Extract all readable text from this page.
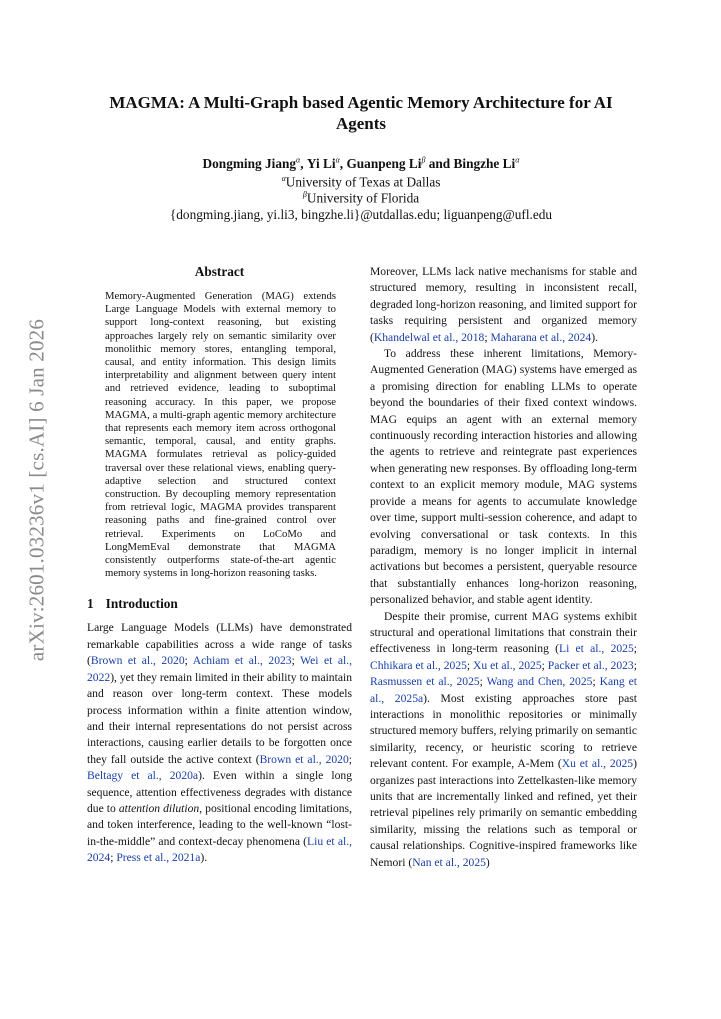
arXiv:2601.03236v1 [cs.AI] 6 Jan 2026
MAGMA: A Multi-Graph based Agentic Memory Architecture for AI Agents
Dongming Jiang$^\alpha$, Yi $Li^\alpha$, Guanpeng $Li^\beta$ and Bingzhe $Li^\alpha$
$^\alpha$University of Texas at Dallas
$^\beta$University of Florida
{dongming.jiang, yi.li3, bingzhe.li}@utdallas.edu; liguanpeng@ufl.edu
Abstract
Memory-Augmented Generation (MAG) extends Large Language Models with external memory to support long-context reasoning, but existing approaches largely rely on semantic similarity over monolithic memory stores, entangling temporal, causal, and entity information. This design limits interpretability and alignment between query intent and retrieved evidence, leading to suboptimal reasoning accuracy. In this paper, we propose MAGMA, a multi-graph agentic memory architecture that represents each memory item across orthogonal semantic, temporal, causal, and entity graphs. MAGMA formulates retrieval as policy-guided traversal over these relational views, enabling query-adaptive selection and structured context construction. By decoupling memory representation from retrieval logic, MAGMA provides transparent reasoning paths and fine-grained control over retrieval. Experiments on LoCoMo and LongMemEval demonstrate that MAGMA consistently outperforms state-of-the-art agentic memory systems in long-horizon reasoning tasks.
1 Introduction

Large Language Models (LLMs) have demonstrated remarkable capabilities across a wide range of tasks (Brown et al., 2020; Achiam et al., 2023; Wei et al., 2022), yet they remain limited in their ability to maintain and reason over long-term context. These models process information within a finite attention window, and their internal representations do not persist across interactions, causing earlier details to be forgotten once they fall outside the active context (Brown et al., 2020; Beltagy et al., 2020a). Even within a single long sequence, attention effectiveness degrades with distance due to attention dilution, positional encoding limitations, and token interference, leading to the well-known “lost-in-the-middle” and context-decay phenomena (Liu et al., 2024; Press et al., 2021a).

Moreover, LLMs lack native mechanisms for stable and structured memory, resulting in inconsistent recall, degraded long-horizon reasoning, and limited support for tasks requiring persistent and organized memory (Khandelwal et al., 2018; Maharana et al., 2024).

To address these inherent limitations, Memory-Augmented Generation (MAG) systems have emerged as a promising direction for enabling LLMs to operate beyond the boundaries of their fixed context windows. MAG equips an agent with an external memory continuously recording interaction histories and allowing the agents to retrieve and reintegrate past experiences when generating new responses. By offloading long-term context to an explicit memory module, MAG systems provide a means for agents to accumulate knowledge over time, support multi-session coherence, and adapt to evolving conversational or task contexts. In this paradigm, memory is no longer implicit in internal activations but becomes a persistent, queryable resource that substantially enhances long-horizon reasoning, personalized behavior, and stable agent identity.

Despite their promise, current MAG systems exhibit structural and operational limitations that constrain their effectiveness in long-term reasoning (Li et al., 2025; Chhikara et al., 2025; Xu et al., 2025; Packer et al., 2023; Rasmussen et al., 2025; Wang and Chen, 2025; Kang et al., 2025a). Most existing approaches store past interactions in monolithic repositories or minimally structured memory buffers, relying primarily on semantic similarity, recency, or heuristic scoring to retrieve relevant content. For example, A-Mem (Xu et al., 2025) organizes past interactions into Zettelkasten-like memory units that are incrementally linked and refined, yet their retrieval pipelines rely primarily on semantic embedding similarity, missing the relations such as temporal or causal relationships. Cognitive-inspired frameworks like Nemori (Nan et al., 2025)
